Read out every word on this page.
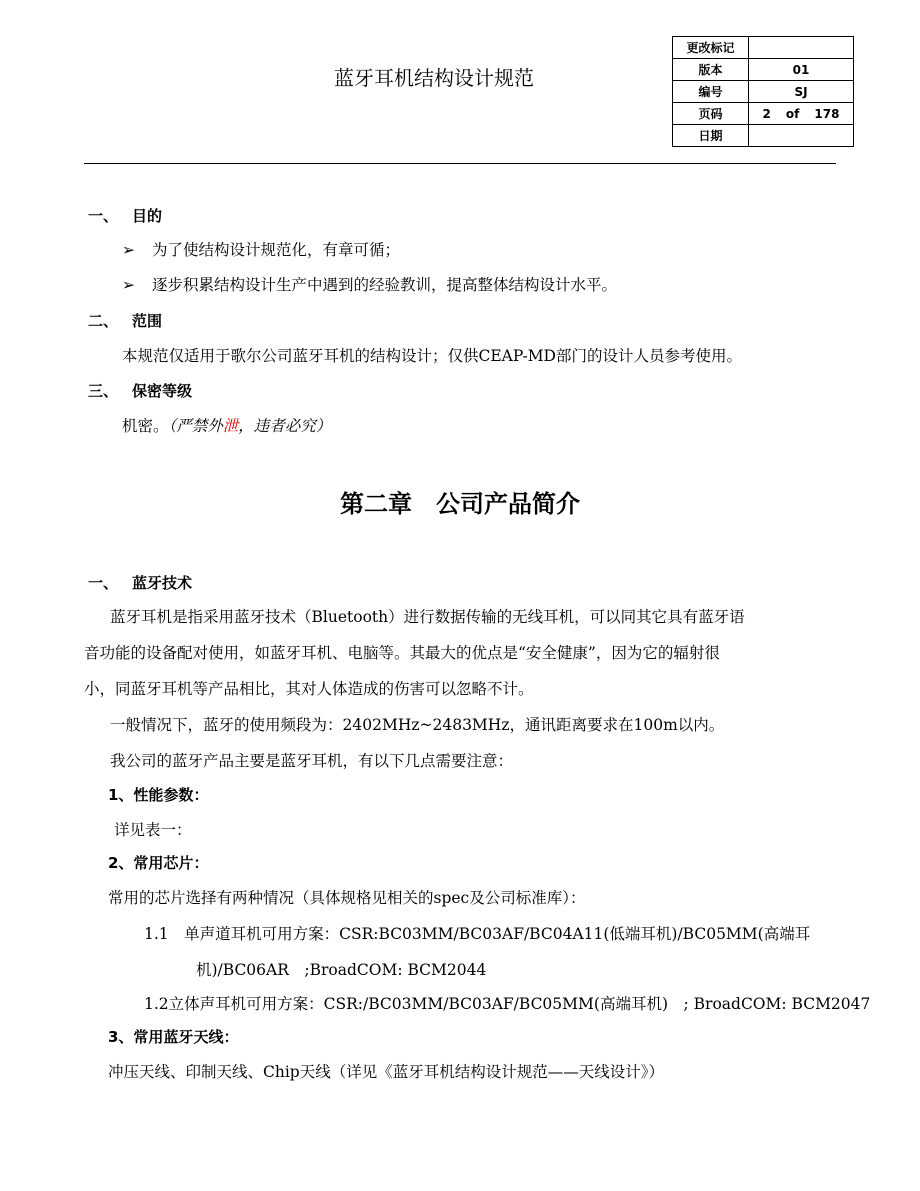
蓝牙耳机结构设计规范
更改标记	
版本	01
编号	SJ
页码	2 of 178

日期	
一、 目的
➢ 为了使结构设计规范化，有章可循；
➢ 逐步积累结构设计生产中遇到的经验教训，提高整体结构设计水平。
二、 范围
本规范仅适用于歌尔公司蓝牙耳机的结构设计；仅供CEAP-MD部门的设计人员参考使用。
三、 保密等级
机密。（严禁外泄，违者必究）
第二章　公司产品简介
一、 蓝牙技术
蓝牙耳机是指采用蓝牙技术（Bluetooth）进行数据传输的无线耳机，可以同其它具有蓝牙语
音功能的设备配对使用，如蓝牙耳机、电脑等。其最大的优点是“安全健康”，因为它的辐射很
小，同蓝牙耳机等产品相比，其对人体造成的伤害可以忽略不计。
一般情况下，蓝牙的使用频段为：2402MHz~2483MHz，通讯距离要求在100m以内。
我公司的蓝牙产品主要是蓝牙耳机，有以下几点需要注意：
1、性能参数：
详见表一：
2、常用芯片：
常用的芯片选择有两种情况（具体规格见相关的spec及公司标准库）：
1.1　单声道耳机可用方案：CSR:BC03MM/BC03AF/BC04A11(低端耳机)/BC05MM(高端耳
机)/BC06AR　;BroadCOM: BCM2044
1.2立体声耳机可用方案：CSR:/BC03MM/BC03AF/BC05MM(高端耳机)　; BroadCOM: BCM2047
3、常用蓝牙天线：
冲压天线、印制天线、Chip天线（详见《蓝牙耳机结构设计规范——天线设计》）
